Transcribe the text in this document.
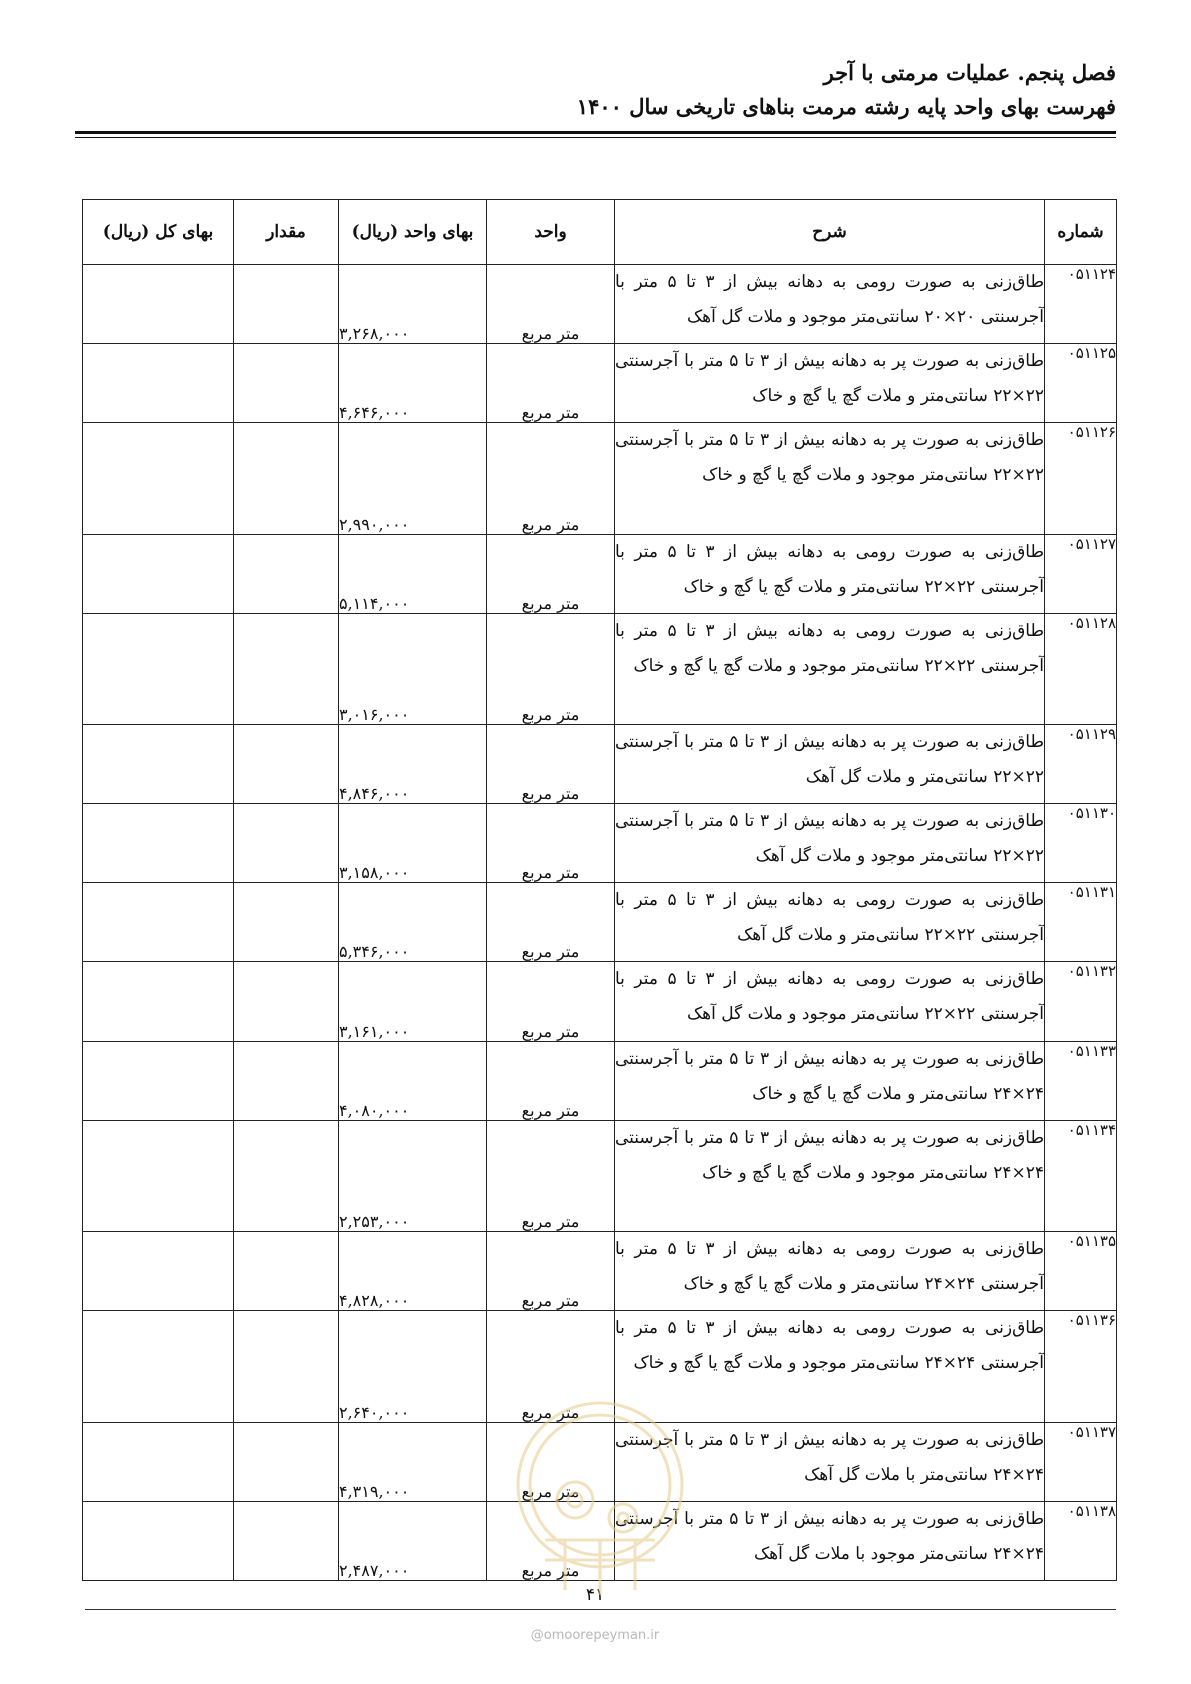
فصل پنجم. عملیات مرمتی با آجر
فهرست بهای واحد پایه رشته مرمت بناهای تاریخی سال ۱۴۰۰
شماره	شرح	واحد	بهای واحد (ریال)	مقدار	بهای کل (ریال)
۰۵۱۱۲۴	طاق‌زنی به صورت رومی به دهانه بیش از ۳ تا ۵ متر با آجرسنتی ۲۰×۲۰ سانتی‌متر موجود و ملات گل آهک	متر مربع	۳,۲۶۸,۰۰۰		
۰۵۱۱۲۵	طاق‌زنی به صورت پر به دهانه بیش از ۳ تا ۵ متر با آجرسنتی ۲۲×۲۲ سانتی‌متر و ملات گچ یا گچ و خاک	متر مربع	۴,۶۴۶,۰۰۰		
۰۵۱۱۲۶	طاق‌زنی به صورت پر به دهانه بیش از ۳ تا ۵ متر با آجرسنتی ۲۲×۲۲ سانتی‌متر موجود و ملات گچ یا گچ و خاک	متر مربع	۲,۹۹۰,۰۰۰		
۰۵۱۱۲۷	طاق‌زنی به صورت رومی به دهانه بیش از ۳ تا ۵ متر با آجرسنتی ۲۲×۲۲ سانتی‌متر و ملات گچ یا گچ و خاک	متر مربع	۵,۱۱۴,۰۰۰		
۰۵۱۱۲۸	طاق‌زنی به صورت رومی به دهانه بیش از ۳ تا ۵ متر با آجرسنتی ۲۲×۲۲ سانتی‌متر موجود و ملات گچ یا گچ و خاک	متر مربع	۳,۰۱۶,۰۰۰		
۰۵۱۱۲۹	طاق‌زنی به صورت پر به دهانه بیش از ۳ تا ۵ متر با آجرسنتی ۲۲×۲۲ سانتی‌متر و ملات گل آهک	متر مربع	۴,۸۴۶,۰۰۰		
۰۵۱۱۳۰	طاق‌زنی به صورت پر به دهانه بیش از ۳ تا ۵ متر با آجرسنتی ۲۲×۲۲ سانتی‌متر موجود و ملات گل آهک	متر مربع	۳,۱۵۸,۰۰۰		
۰۵۱۱۳۱	طاق‌زنی به صورت رومی به دهانه بیش از ۳ تا ۵ متر با آجرسنتی ۲۲×۲۲ سانتی‌متر و ملات گل آهک	متر مربع	۵,۳۴۶,۰۰۰		
۰۵۱۱۳۲	طاق‌زنی به صورت رومی به دهانه بیش از ۳ تا ۵ متر با آجرسنتی ۲۲×۲۲ سانتی‌متر موجود و ملات گل آهک	متر مربع	۳,۱۶۱,۰۰۰		
۰۵۱۱۳۳	طاق‌زنی به صورت پر به دهانه بیش از ۳ تا ۵ متر با آجرسنتی ۲۴×۲۴ سانتی‌متر و ملات گچ یا گچ و خاک	متر مربع	۴,۰۸۰,۰۰۰		
۰۵۱۱۳۴	طاق‌زنی به صورت پر به دهانه بیش از ۳ تا ۵ متر با آجرسنتی ۲۴×۲۴ سانتی‌متر موجود و ملات گچ یا گچ و خاک	متر مربع	۲,۲۵۳,۰۰۰		
۰۵۱۱۳۵	طاق‌زنی به صورت رومی به دهانه بیش از ۳ تا ۵ متر با آجرسنتی ۲۴×۲۴ سانتی‌متر و ملات گچ یا گچ و خاک	متر مربع	۴,۸۲۸,۰۰۰		
۰۵۱۱۳۶	طاق‌زنی به صورت رومی به دهانه بیش از ۳ تا ۵ متر با آجرسنتی ۲۴×۲۴ سانتی‌متر موجود و ملات گچ یا گچ و خاک	متر مربع	۲,۶۴۰,۰۰۰		
۰۵۱۱۳۷	طاق‌زنی به صورت پر به دهانه بیش از ۳ تا ۵ متر با آجرسنتی ۲۴×۲۴ سانتی‌متر با ملات گل آهک	متر مربع	۴,۳۱۹,۰۰۰		
۰۵۱۱۳۸	طاق‌زنی به صورت پر به دهانه بیش از ۳ تا ۵ متر با آجرسنتی ۲۴×۲۴ سانتی‌متر موجود با ملات گل آهک	متر مربع	۲,۴۸۷,۰۰۰		
۴۱
@omoorepeyman.ir
